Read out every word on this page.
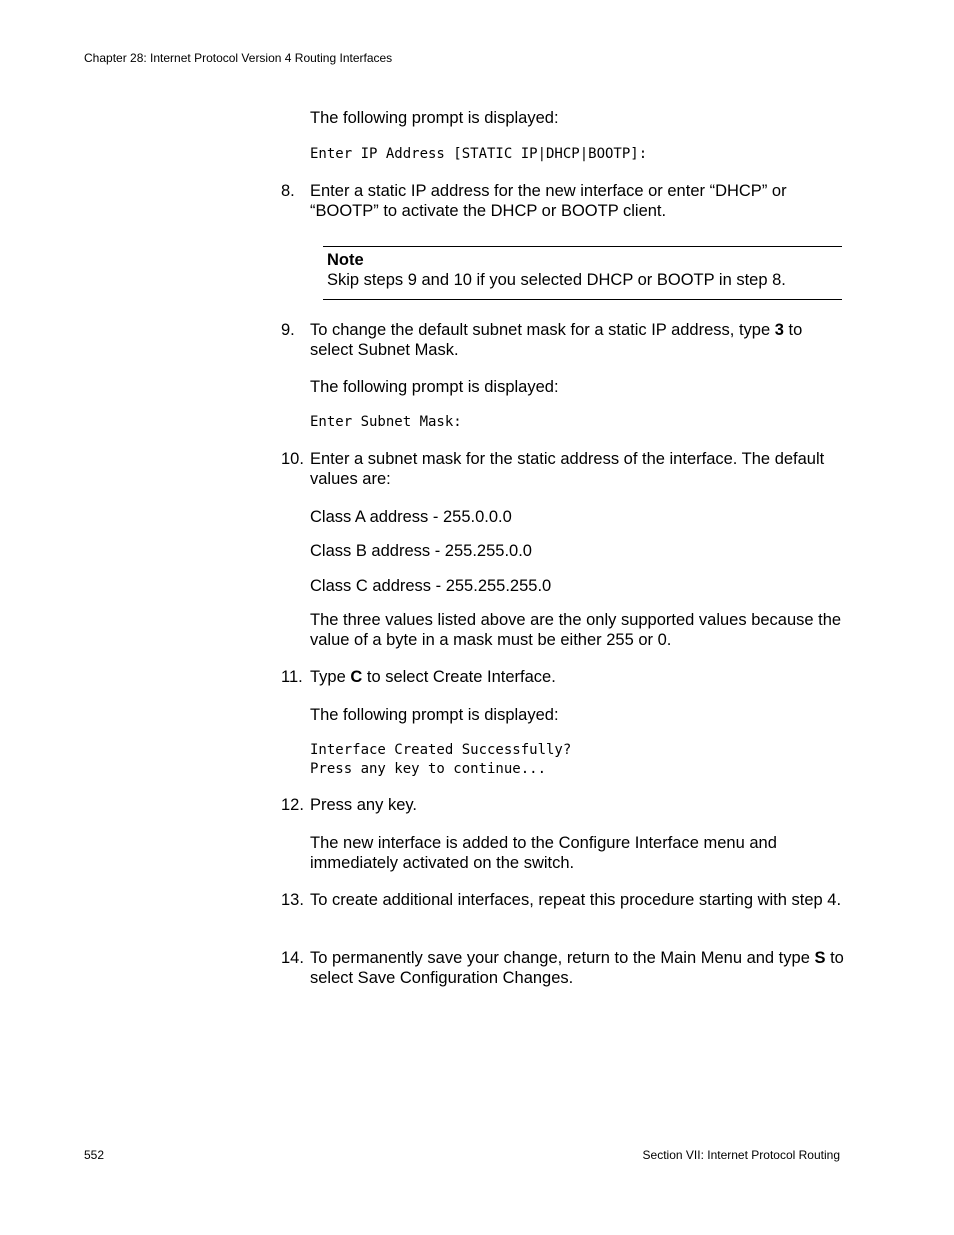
Chapter 28: Internet Protocol Version 4 Routing Interfaces
The following prompt is displayed:
Enter IP Address [STATIC IP|DHCP|BOOTP]:
8. Enter a static IP address for the new interface or enter “DHCP” or “BOOTP” to activate the DHCP or BOOTP client.
Note
Skip steps 9 and 10 if you selected DHCP or BOOTP in step 8.
9. To change the default subnet mask for a static IP address, type 3 to select Subnet Mask.
The following prompt is displayed:
Enter Subnet Mask:
10. Enter a subnet mask for the static address of the interface. The default values are:
Class A address - 255.0.0.0
Class B address - 255.255.0.0
Class C address - 255.255.255.0
The three values listed above are the only supported values because the value of a byte in a mask must be either 255 or 0.
11. Type C to select Create Interface.
The following prompt is displayed:
Interface Created Successfully?
Press any key to continue...
12. Press any key.
The new interface is added to the Configure Interface menu and immediately activated on the switch.
13. To create additional interfaces, repeat this procedure starting with step 4.
14. To permanently save your change, return to the Main Menu and type S to select Save Configuration Changes.
552	Section VII: Internet Protocol Routing
